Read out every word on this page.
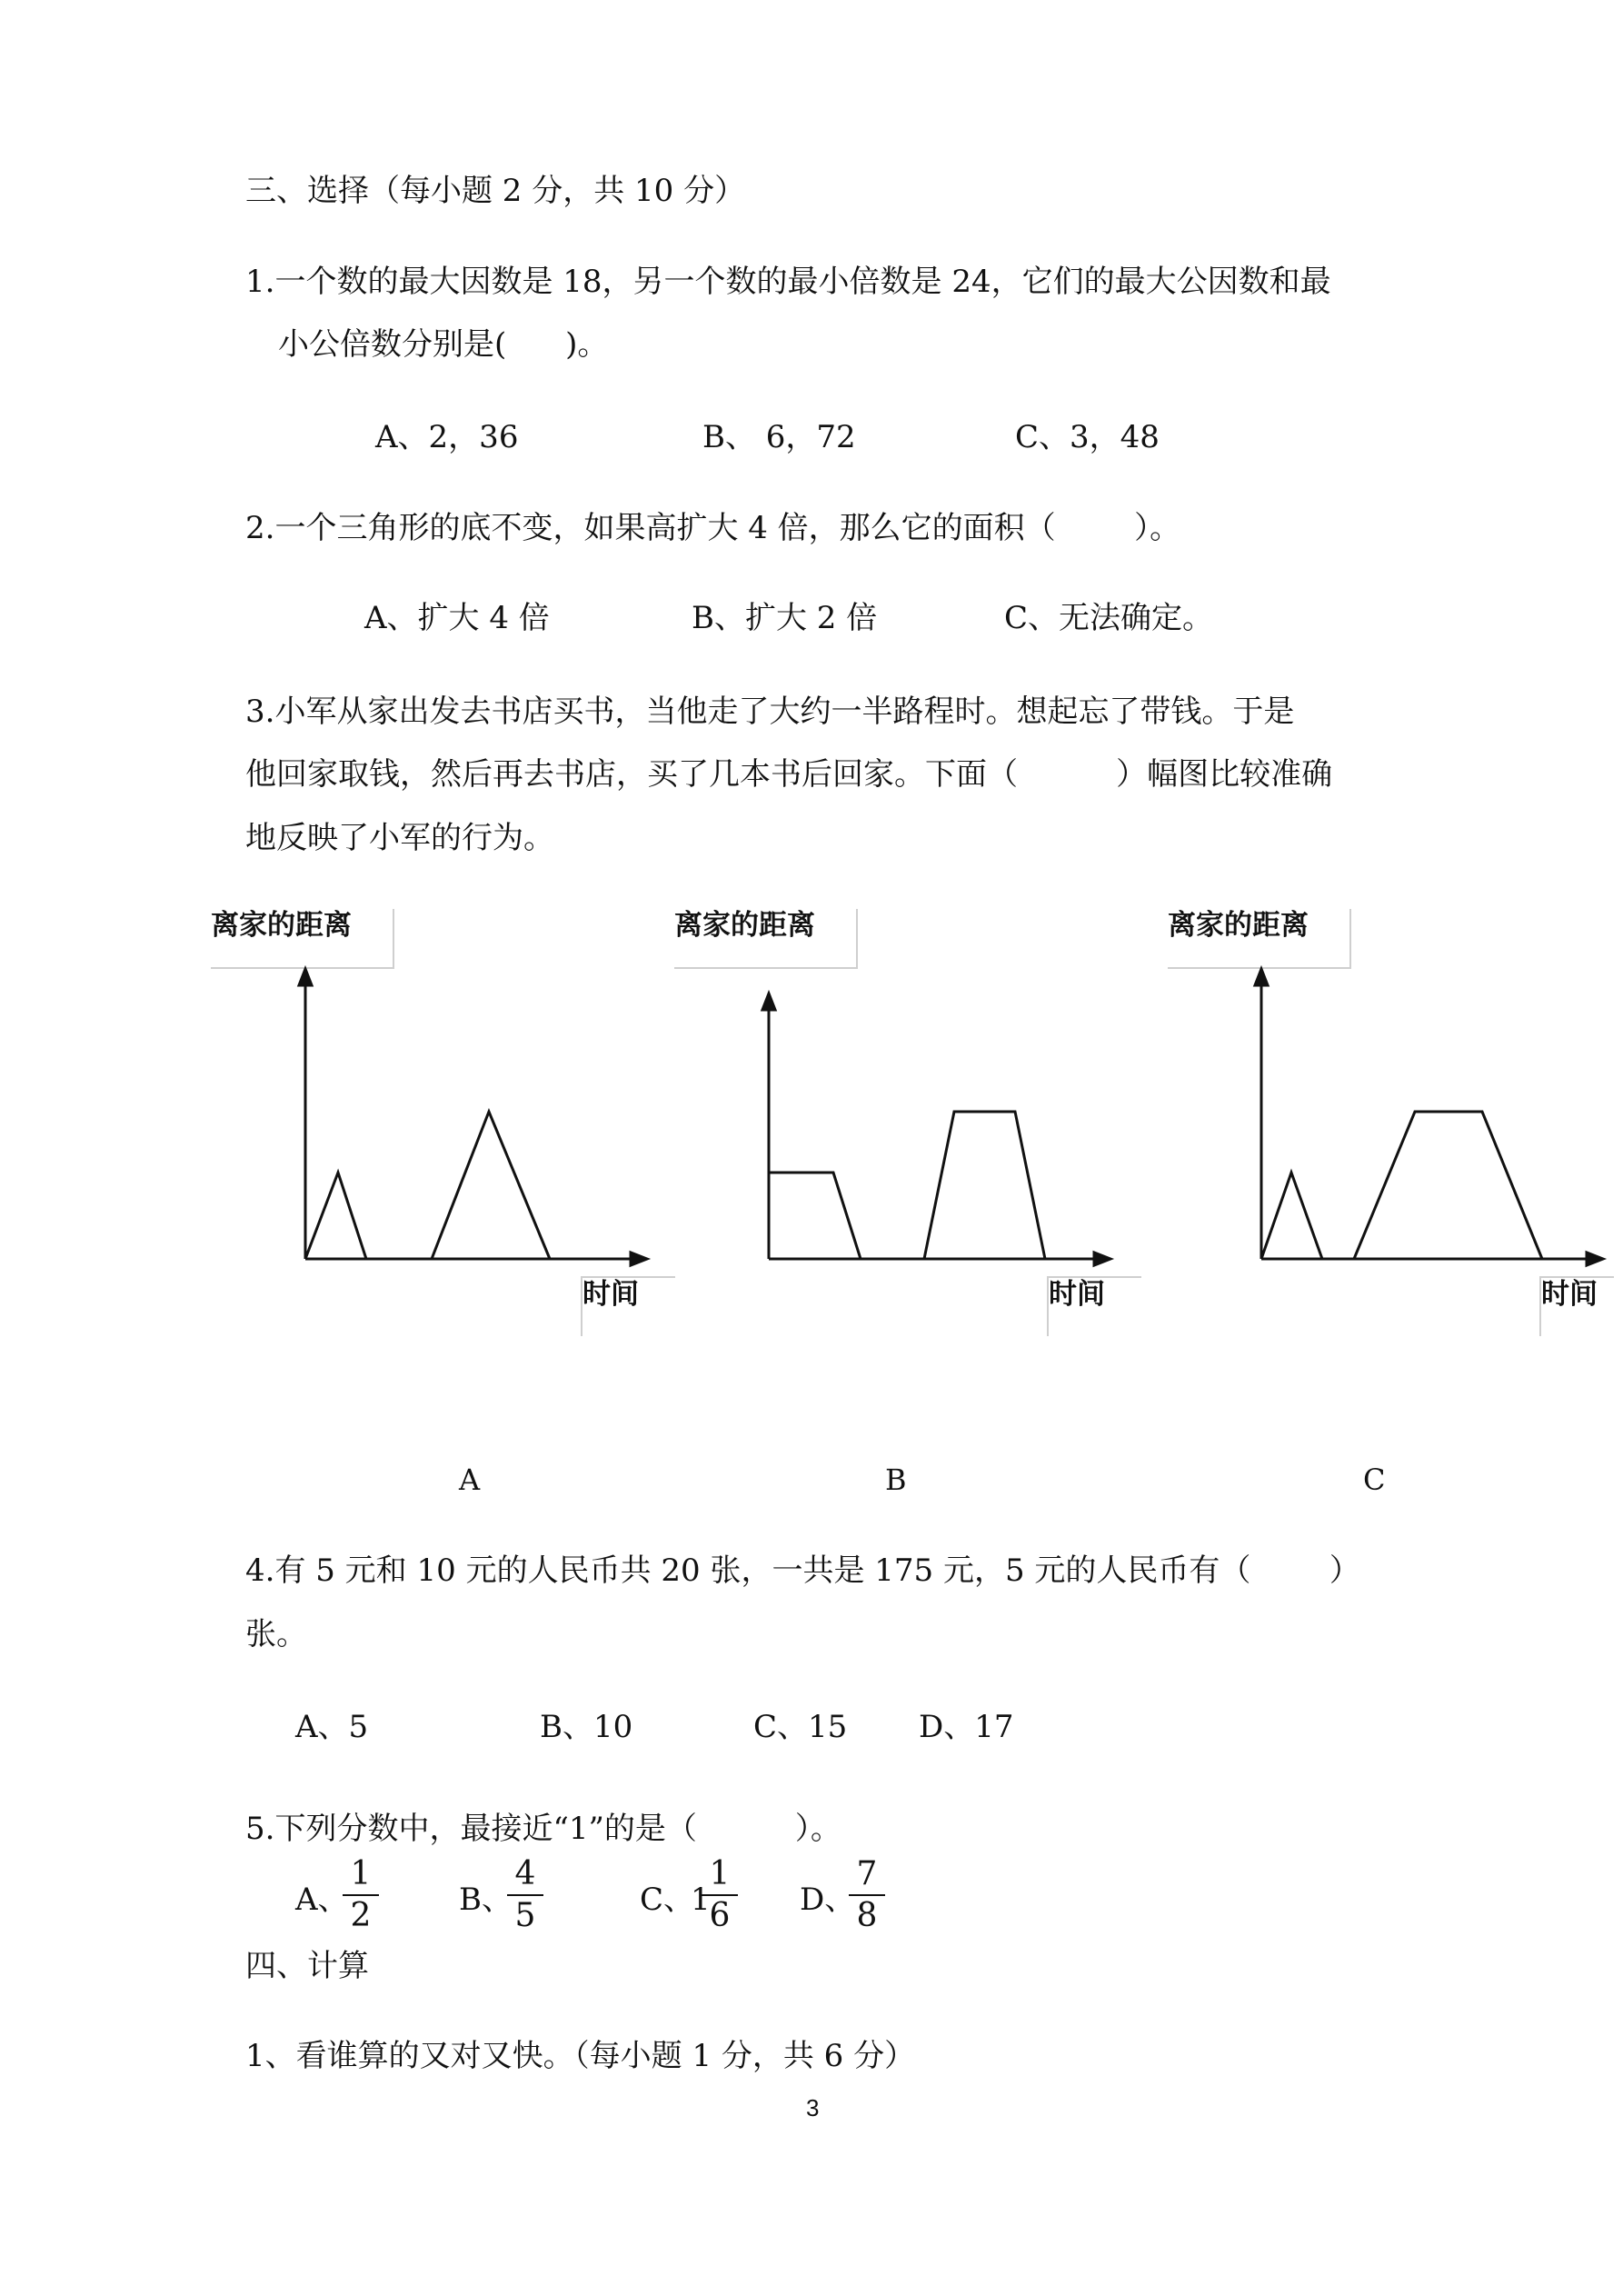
三、选择（每小题 2 分，共 10 分）
1.一个数的最大因数是 18，另一个数的最小倍数是 24，它们的最大公因数和最
小公倍数分别是(      )。
A、2，36	B、 6，72	C、3，48
2.一个三角形的底不变，如果高扩大 4 倍，那么它的面积（        ）。
A、扩大 4 倍	B、扩大 2 倍	C、无法确定。
3.小军从家出发去书店买书，当他走了大约一半路程时。想起忘了带钱。于是
他回家取钱，然后再去书店，买了几本书后回家。下面（          ）幅图比较准确
地反映了小军的行为。
离家的距离
时间
A
离家的距离
时间
B
离家的距离
时间
C
4.有 5 元和 10 元的人民币共 20 张，一共是 175 元，5 元的人民币有（        ）
张。
A、5	B、10	C、15 D、17
5.下列分数中，最接近“1”的是（          ）。
A、
1
2	B、
4
5	C、
1
1
6 D、
7
8
四、计算
1、看谁算的又对又快。（每小题 1 分，共 6 分）
3
